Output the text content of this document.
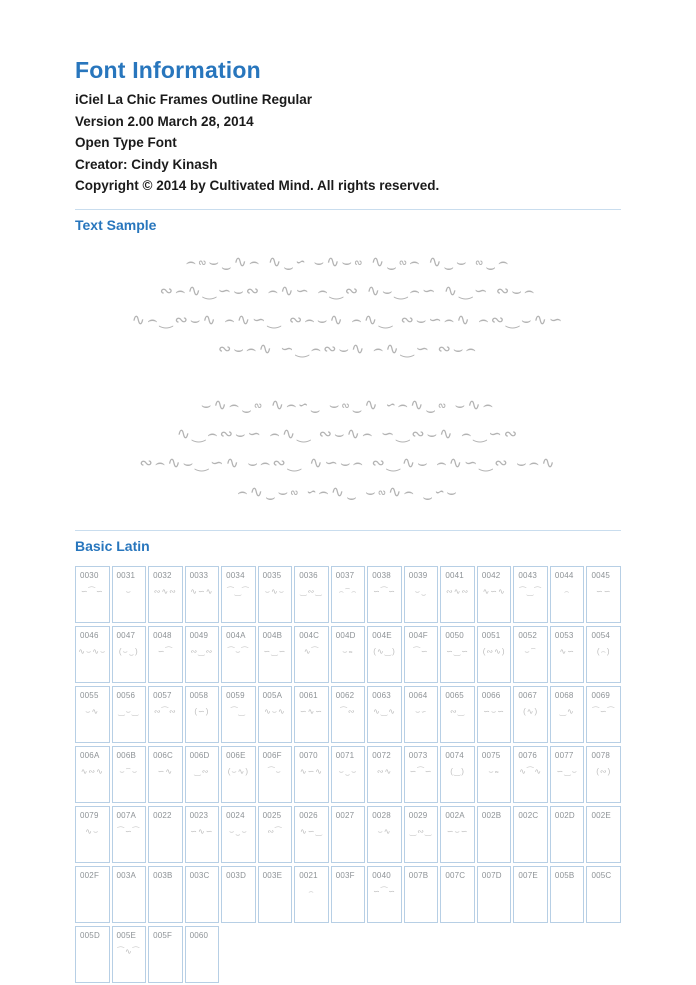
Font Information
iCiel La Chic Frames Outline Regular
Version 2.00 March 28, 2014
Open Type Font
Creator: Cindy Kinash
Copyright © 2014 by Cultivated Mind. All rights reserved.
Text Sample
⌢∾⌣‿∿⌢ ∿‿∽ ⌣∿⌣∾ ∿‿∾⌢ ∿‿⌣ ∾‿⌢
∾⌢∿‿∽⌣∾ ⌢∿∽ ⌢‿∾ ∿⌣‿⌢∽ ∿‿∽ ∾⌣⌢
∿⌢‿∾⌣∿ ⌢∿∽‿ ∾⌢⌣∿ ⌢∿‿ ∾⌣∽⌢∿ ⌢∾‿⌣∿∽
∾⌣⌢∿ ∽‿⌢∾⌣∿ ⌢∿‿∽ ∾⌣⌢
⌣∿⌢‿∾ ∿⌢∽‿ ⌣∾‿∿ ∽⌢∿‿∾ ⌣∿⌢
∿‿⌢∾⌣∽ ⌢∿‿ ∾⌣∿⌢ ∽‿∾⌣∿ ⌢‿∽∾
∾⌢∿⌣‿∽∿ ⌣⌢∾‿ ∿∽⌣⌢ ∾‿∿⌣ ⌢∿∽‿∾ ⌣⌢∿
⌢∿‿⌣∾ ∽⌢∿‿ ⌣∾∿⌢ ‿∽⌣
Basic Latin
0030
∽⁀∽
0031
⌣
0032
∾∿∾
0033
∿∽∿
0034
⁀‿⁀
0035
⌣∿⌣
0036
‿∾‿
0037
⌢⁀⌢
0038
∽⁀∽
0039
⌣‿
0041
∾∿∾
0042
∿∽∿
0043
⁀‿⁀
0044
⌢
0045
∽∽
0046
∿⌣∿⌣
0047
(⌣‿)
0048
∽⁀
0049
∾‿∾
004A
⁀⌣⁀
004B
∽‿∽
004C
∿⁀
004D
⌣∾
004E
(∿‿)
004F
⁀∽
0050
∽‿∽
0051
(∾∿)
0052
⌣⁀
0053
∿∽
0054
(⌢)
0055
⌣∿
0056
‿⌣‿
0057
∾⁀∾
0058
(∽)
0059
⁀‿
005A
∿⌣∿
0061
∽∿∽
0062
⁀∾
0063
∿‿∿
0064
⌣∽
0065
∾‿
0066
∽⌣∽
0067
(∿)
0068
‿∿
0069
⁀∽⁀
006A
∿∾∿
006B
⌣⁀⌣
006C
∽∿
006D
‿∾
006E
(⌣∿)
006F
⁀⌣
0070
∿∽∿
0071
⌣‿⌣
0072
∾∿
0073
∽⁀∽
0074
(‿)
0075
⌣∾
0076
∿⁀∿
0077
∽‿⌣
0078
(∾)
0079
∿⌣
007A
⁀∽⁀
0022	0023
∽∿∽
0024
⌣‿⌣
0025
∾⁀
0026
∿∽‿
0027	0028
⌣∿
0029
‿∾‿
002A
∽⌣∽
002B	002C	002D	002E
002F	003A	003B	003C	003D	003E	0021
⌢
003F	0040
∽⁀∽
007B	007C	007D	007E	005B	005C
005D	005E
⁀∿⁀
005F	0060
